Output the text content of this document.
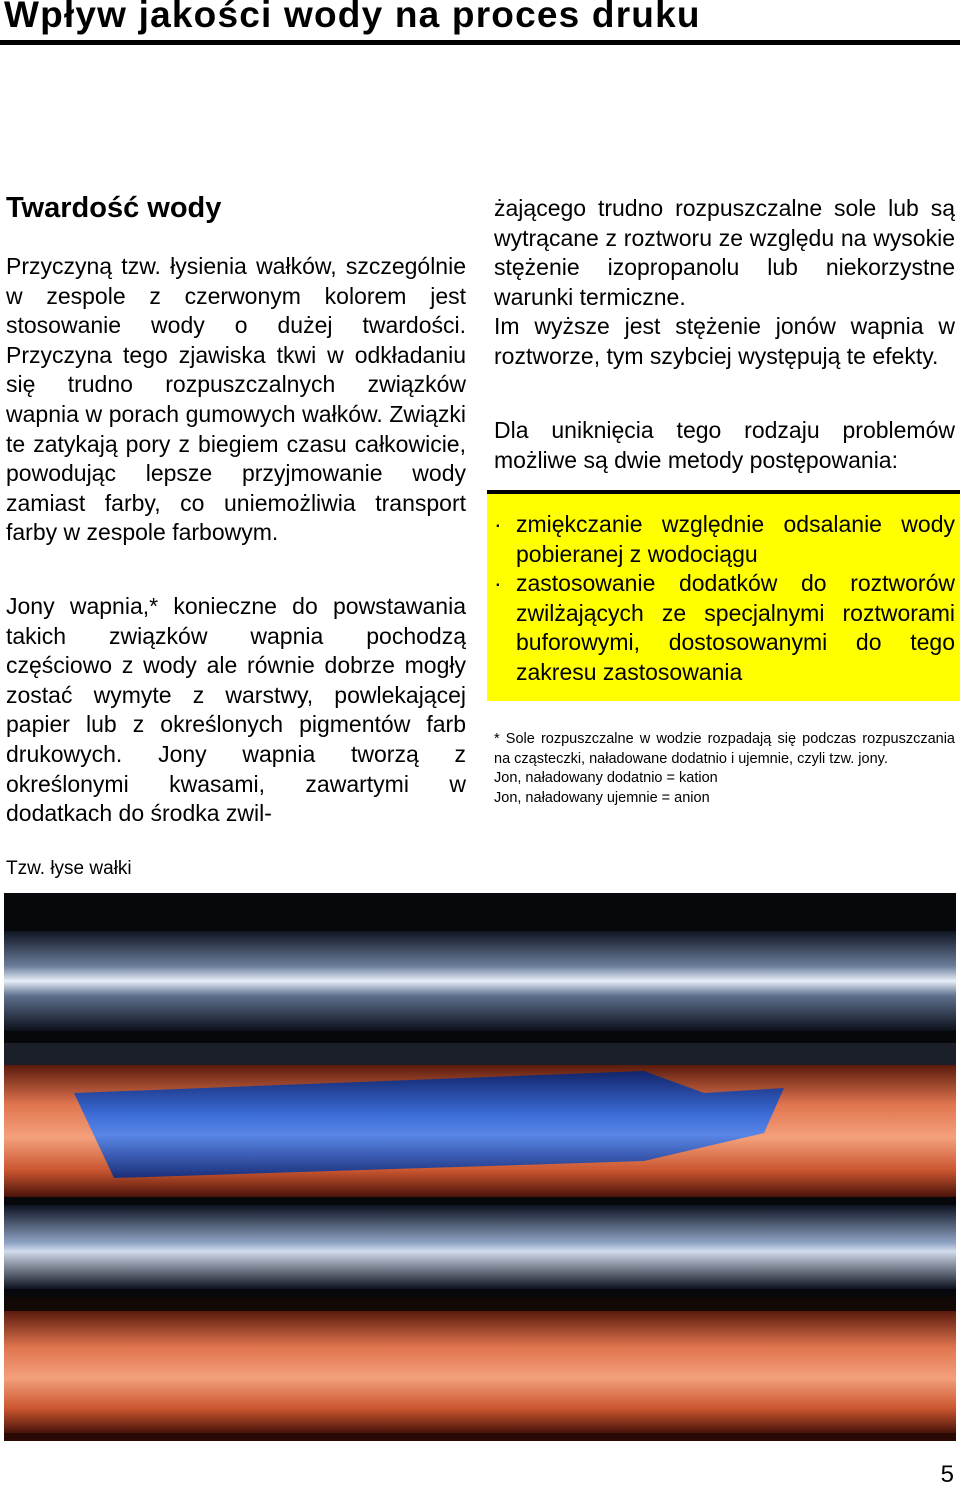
Wpływ jakości wody na proces druku
Twardość wody

Przyczyną tzw. łysienia wałków, szczególnie w zespole z czerwonym kolorem jest stosowanie wody o dużej twardości. Przyczyna tego zjawiska tkwi w odkładaniu się trudno rozpuszczalnych związków wapnia w porach gumowych wałków. Związki te zatykają pory z biegiem czasu całkowicie, powodując lepsze przyjmowanie wody zamiast farby, co uniemożliwia transport farby w zespole farbowym.

Jony wapnia,* konieczne do powstawania takich związków wapnia pochodzą częściowo z wody ale równie dobrze mogły zostać wymyte z warstwy, powlekającej papier lub z określonych pigmentów farb drukowych. Jony wapnia tworzą z określonymi kwasami, zawartymi w dodatkach do środka zwil-

żającego trudno rozpuszczalne sole lub są wytrącane z roztworu ze względu na wysokie stężenie izopropanolu lub niekorzystne warunki termiczne.

Im wyższe jest stężenie jonów wapnia w roztworze, tym szybciej występują te efekty.

Dla uniknięcia tego rodzaju problemów możliwe są dwie metody postępowania:

· zmiękczanie względnie odsalanie wody pobieranej z wodociągu
· zastosowanie dodatków do roztworów zwilżających ze specjalnymi roztworami buforowymi, dostosowanymi do tego zakresu zastosowania

* Sole rozpuszczalne w wodzie rozpadają się podczas rozpuszczania na cząsteczki, naładowane dodatnio i ujemnie, czyli tzw. jony.

Jon, naładowany dodatnio = kation

Jon, naładowany ujemnie = anion

Tzw. łyse wałki

5
